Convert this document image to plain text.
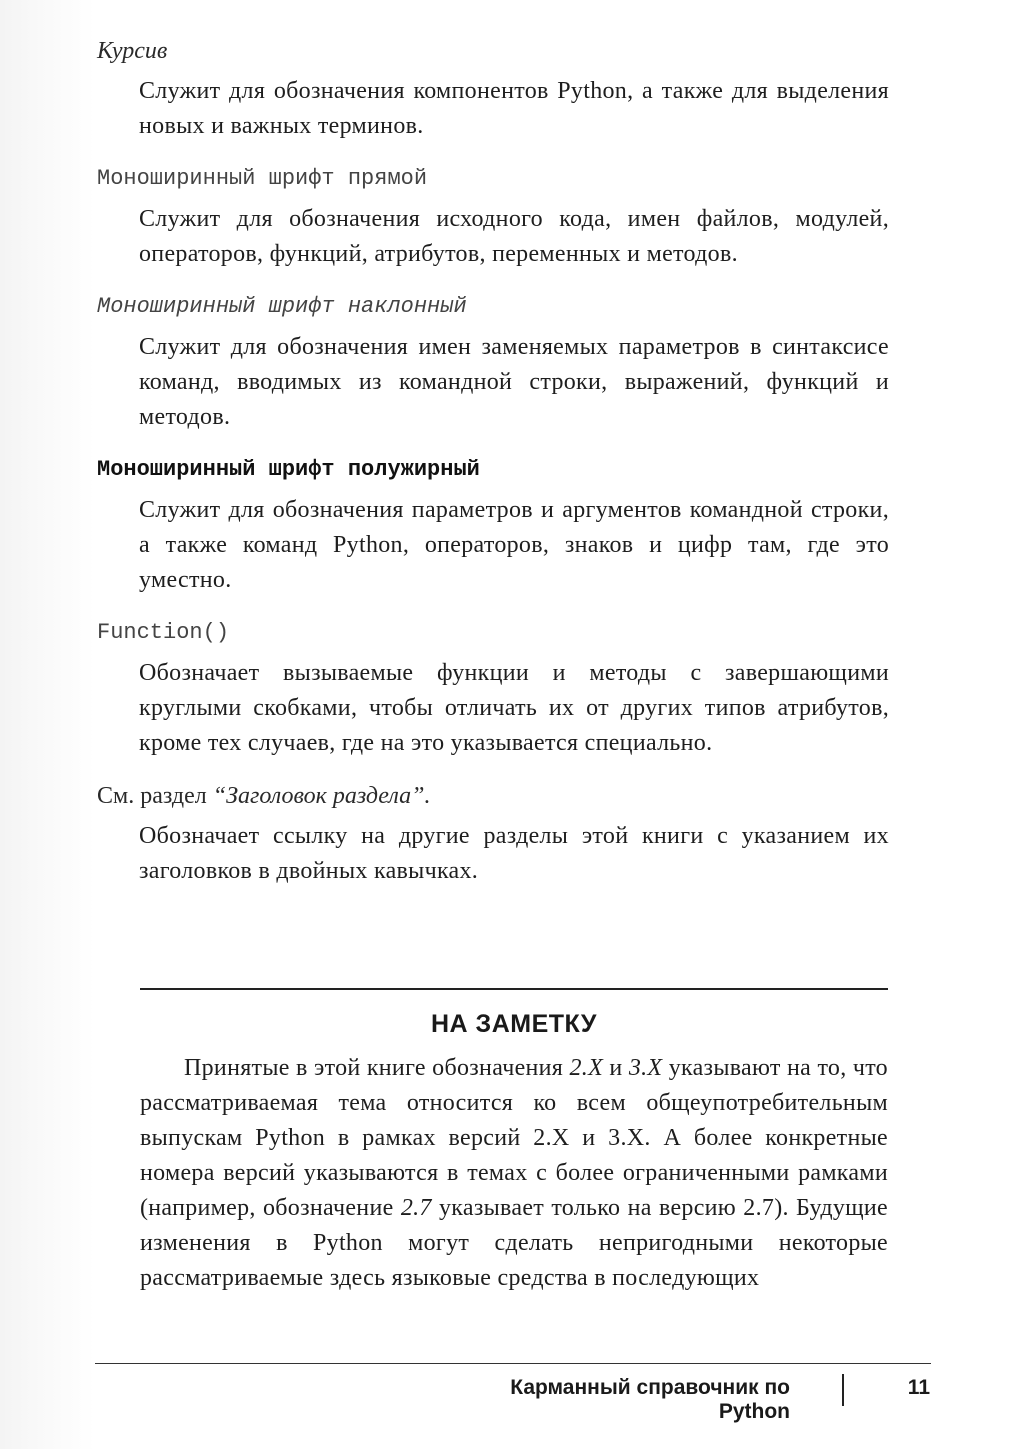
Курсив

Служит для обозначения компонентов Python, а также для выделения новых и важных терминов.

Моноширинный шрифт прямой

Служит для обозначения исходного кода, имен файлов, модулей, операторов, функций, атрибутов, переменных и методов.

Моноширинный шрифт наклонный

Служит для обозначения имен заменяемых параметров в синтаксисе команд, вводимых из командной строки, выражений, функций и методов.

Моноширинный шрифт полужирный

Служит для обозначения параметров и аргументов командной строки, а также команд Python, операторов, знаков и цифр там, где это уместно.

Function()

Обозначает вызываемые функции и методы с завершающими круглыми скобками, чтобы отличать их от других типов атрибутов, кроме тех случаев, где на это указывается специально.

См. раздел “Заголовок раздела”.

Обозначает ссылку на другие разделы этой книги с указанием их заголовков в двойных кавычках.

НА ЗАМЕТКУ

Принятые в этой книге обозначения 2.X и 3.X указывают на то, что рассматриваемая тема относится ко всем общеупотребительным выпускам Python в рамках версий 2.X и 3.X. А более конкретные номера версий указываются в темах с более ограниченными рамками (например, обозначение 2.7 указывает только на версию 2.7). Будущие изменения в Python могут сделать непригодными некоторые рассматриваемые здесь языковые средства в последующих

Карманный справочник по Python
11
